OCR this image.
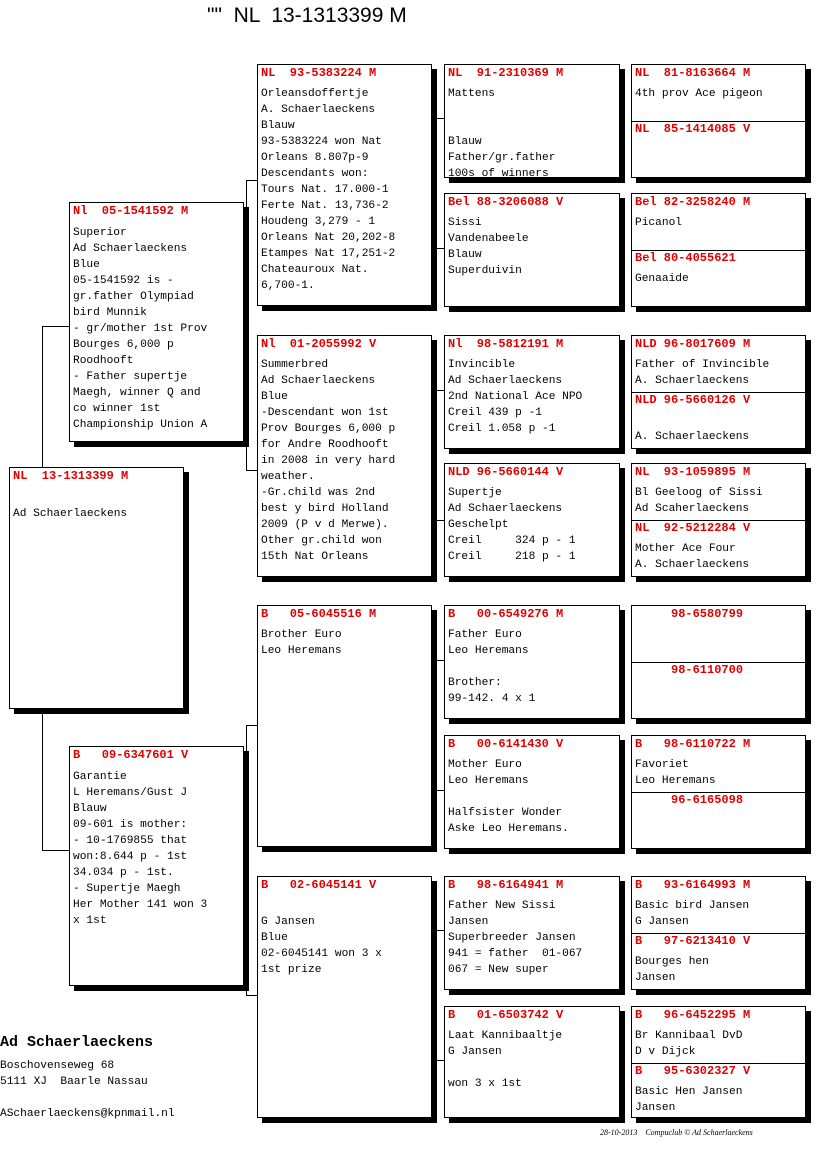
""  NL  13-1313399 M
NL  13-1313399 M

Ad Schaerlaeckens
Nl  05-1541592 M
Superior
Ad Schaerlaeckens
Blue
05-1541592 is -
gr.father Olympiad
bird Munnik
- gr/mother 1st Prov
Bourges 6,000 p
Roodhooft
- Father supertje
Maegh, winner Q and
co winner 1st
Championship Union A
B   09-6347601 V
Garantie
L Heremans/Gust J
Blauw
09-601 is mother:
- 10-1769855 that
won:8.644 p - 1st
34.034 p - 1st.
- Supertje Maegh
Her Mother 141 won 3
x 1st
NL  93-5383224 M
Orleansdoffertje
A. Schaerlaeckens
Blauw
93-5383224 won Nat
Orleans 8.807p-9
Descendants won:
Tours Nat. 17.000-1
Ferte Nat. 13,736-2
Houdeng 3,279 - 1
Orleans Nat 20,202-8
Etampes Nat 17,251-2
Chateauroux Nat.
6,700-1.
Nl  01-2055992 V
Summerbred
Ad Schaerlaeckens
Blue
-Descendant won 1st
Prov Bourges 6,000 p
for Andre Roodhooft
in 2008 in very hard
weather.
-Gr.child was 2nd
best y bird Holland
2009 (P v d Merwe).
Other gr.child won
15th Nat Orleans
B   05-6045516 M
Brother Euro
Leo Heremans
B   02-6045141 V

G Jansen
Blue
02-6045141 won 3 x
1st prize
NL  91-2310369 M
Mattens

Blauw
Father/gr.father
100s of winners
Bel 88-3206088 V
Sissi
Vandenabeele
Blauw
Superduivin
Nl  98-5812191 M
Invincible
Ad Schaerlaeckens
2nd National Ace NPO
Creil 439 p -1
Creil 1.058 p -1
NLD 96-5660144 V
Supertje
Ad Schaerlaeckens
Geschelpt
Creil     324 p - 1
Creil     218 p - 1
B   00-6549276 M
Father Euro
Leo Heremans

Brother:
99-142. 4 x 1
B   00-6141430 V
Mother Euro
Leo Heremans

Halfsister Wonder
Aske Leo Heremans.
B   98-6164941 M
Father New Sissi
Jansen
Superbreeder Jansen
941 = father  01-067
067 = New super
B   01-6503742 V
Laat Kannibaaltje
G Jansen

won 3 x 1st
NL  81-8163664 M
4th prov Ace pigeon
NL  85-1414085 V
Bel 82-3258240 M
Picanol
Bel 80-4055621
Genaaide
NLD 96-8017609 M
Father of Invincible
A. Schaerlaeckens
NLD 96-5660126 V

A. Schaerlaeckens
NL  93-1059895 M
Bl Geeloog of Sissi
Ad Scaherlaeckens
NL  92-5212284 V
Mother Ace Four
A. Schaerlaeckens
98-6580799
98-6110700
B   98-6110722 M
Favoriet
Leo Heremans
96-6165098
B   93-6164993 M
Basic bird Jansen
G Jansen
B   97-6213410 V
Bourges hen
Jansen
B   96-6452295 M
Br Kannibaal DvD
D v Dijck
B   95-6302327 V
Basic Hen Jansen
Jansen
Ad Schaerlaeckens
Boschovenseweg 68
5111 XJ  Baarle Nassau
ASchaerlaeckens@kpnmail.nl
28-10-2013    Compuclub © Ad Schaerlaeckens
